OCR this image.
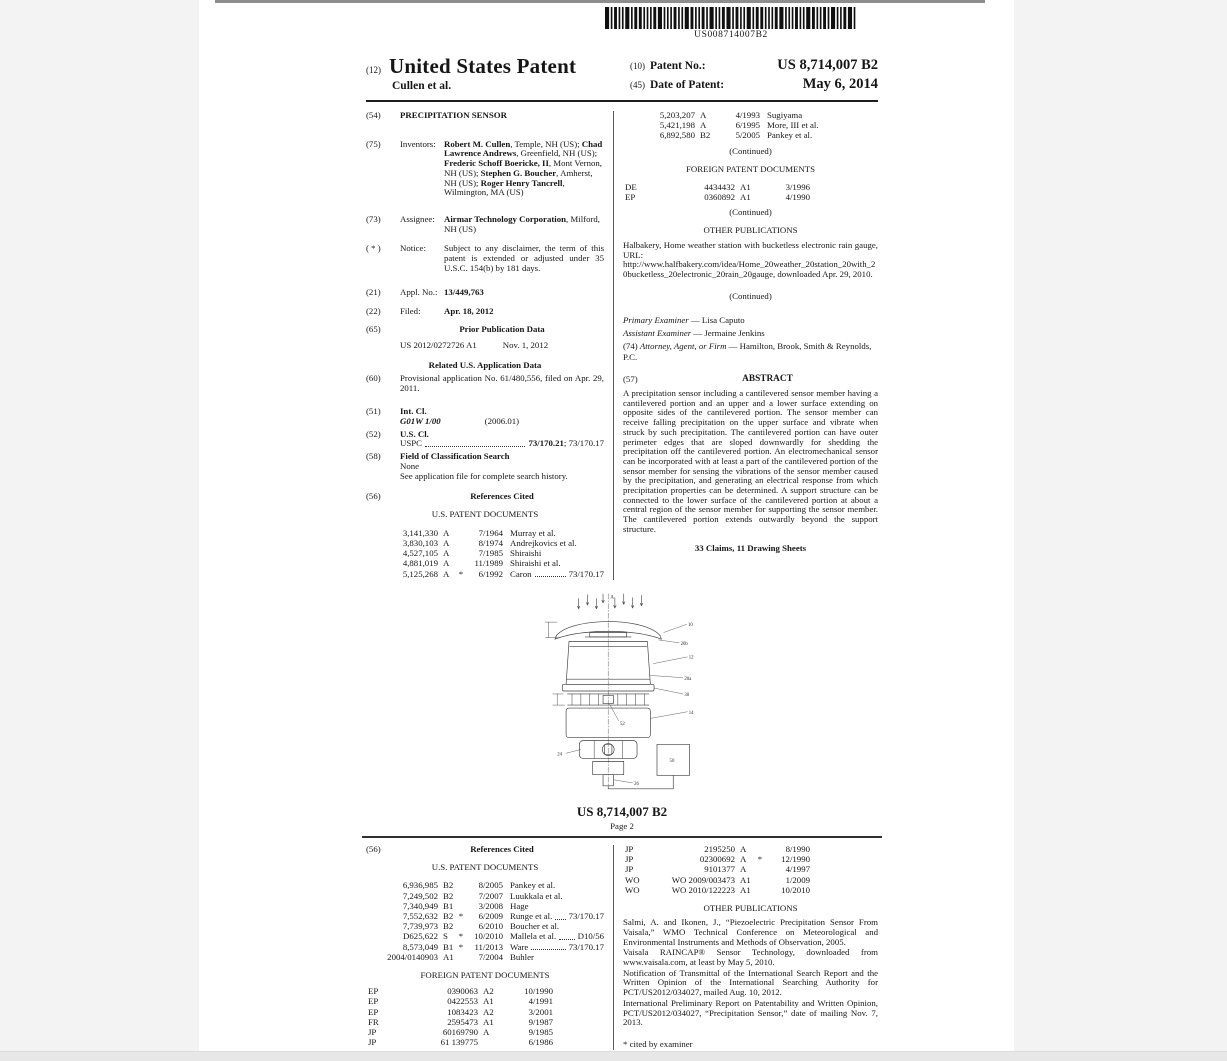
US008714007B2
(12) United States Patent
Cullen et al.
(10) Patent No.:	US 8,714,007 B2
(45) Date of Patent:	May 6, 2014
(54)	PRECIPITATION SENSOR
(75)	Inventors: Robert M. Cullen, Temple, NH (US); Chad Lawrence Andrews, Greenfield, NH (US); Frederic Schoff Boericke, II, Mont Vernon, NH (US); Stephen G. Boucher, Amherst, NH (US); Roger Henry Tancrell, Wilmington, MA (US)
(73)	Assignee:	Airmar Technology Corporation, Milford, NH (US)
( * )	Notice:	Subject to any disclaimer, the term of this patent is extended or adjusted under 35 U.S.C. 154(b) by 181 days.
(21)	Appl. No.: 13/449,763
(22)	Filed:	Apr. 18, 2012
(65)	Prior Publication Data
US 2012/0272726 A1	Nov. 1, 2012
Related U.S. Application Data
(60)	Provisional application No. 61/480,556, filed on Apr. 29, 2011.
(51)	Int. Cl.
G01W 1/00	(2006.01)
(52)	U.S. Cl.
USPC	73/170.21 ; 73/170.17
(58)	Field of Classification Search
None
See application file for complete search history.
(56)	References Cited
U.S. PATENT DOCUMENTS
3,141,330 A	7/1964 Murray et al.
3,830,103 A	8/1974 Andrejkovics et al.
4,527,105 A	7/1985 Shiraishi
4,881,019 A	11/1989 Shiraishi et al.
5,125,268 A	*	6/1992 Caron	73/170.17
5,203,207 A	4/1993 Sugiyama
5,421,198 A	6/1995 More, III et al.
6,892,580 B2	5/2005 Pankey et al.
(Continued)
FOREIGN PATENT DOCUMENTS
DE	4434432 A1	3/1996
EP	0360892 A1	4/1990
(Continued)
OTHER PUBLICATIONS

Halbakery, Home weather station with bucketless electronic rain gauge, URL: http://www.halfbakery.com/idea/Home_20weather_20station_20with_20bucketless_20electronic_20rain_20gauge, downloaded Apr. 29, 2010.

(Continued)

Primary Examiner — Lisa Caputo

Assistant Examiner — Jermaine Jenkins

(74) Attorney, Agent, or Firm — Hamilton, Brook, Smith & Reynolds, P.C.

(57)	ABSTRACT

A precipitation sensor including a cantilevered sensor member having a cantilevered portion and an upper and a lower surface extending on opposite sides of the cantilevered portion. The sensor member can receive falling precipitation on the upper surface and vibrate when struck by such precipitation. The cantilevered portion can have outer perimeter edges that are sloped downwardly for shedding the precipitation off the cantilevered portion. An electromechanical sensor can be incorporated with at least a part of the cantilevered portion of the sensor member for sensing the vibrations of the sensor member caused by the precipitation, and generating an electrical response from which precipitation properties can be determined. A support structure can be connected to the lower surface of the cantilevered portion at about a central region of the sensor member for supporting the sensor member. The cantilevered portion extends outwardly beyond the support structure.

33 Claims, 11 Drawing Sheets
A
10
20b
12
20a
30
14
24
26
52
50
US 8,714,007 B2
Page 2
(56)	References Cited
U.S. PATENT DOCUMENTS
6,936,985 B2	8/2005 Pankey et al.
7,249,502 B2	7/2007 Luukkala et al.
7,340,949 B1	3/2008 Hage
7,552,632 B2 *	6/2009 Runge et al. 73/170.17
7,739,973 B2	6/2010 Boucher et al.
D625,622 S	*	10/2010 Mallela et al. D10/56
8,573,049 B1 *	11/2013 Ware	73/170.17
2004/0140903 A1	7/2004 Buhler
FOREIGN PATENT DOCUMENTS
EP	0390063 A2	10/1990
EP	0422553 A1	4/1991
EP	1083423 A2	3/2001
FR	2595473 A1	9/1987
JP	60169790 A	9/1985
JP	61 139775	6/1986
JP	2195250 A	8/1990
JP	02300692 A	*	12/1990
JP	9101377 A	4/1997
WO	WO 2009/003473 A1	1/2009
WO	WO 2010/122223 A1	10/2010
OTHER PUBLICATIONS

Salmi, A. and Ikonen, J., “Piezoelectric Precipitation Sensor From Vaisala,” WMO Technical Conference on Meteorological and Environmental Instruments and Methods of Observation, 2005.

Vaisala RAINCAP® Sensor Technology, downloaded from www.vaisala.com, at least by May 5, 2010.

Notification of Transmittal of the International Search Report and the Written Opinion of the International Searching Authority for PCT/US2012/034027, mailed Aug. 10, 2012.

International Preliminary Report on Patentability and Written Opinion, PCT/US2012/034027, “Precipitation Sensor,” date of mailing Nov. 7, 2013.

* cited by examiner
